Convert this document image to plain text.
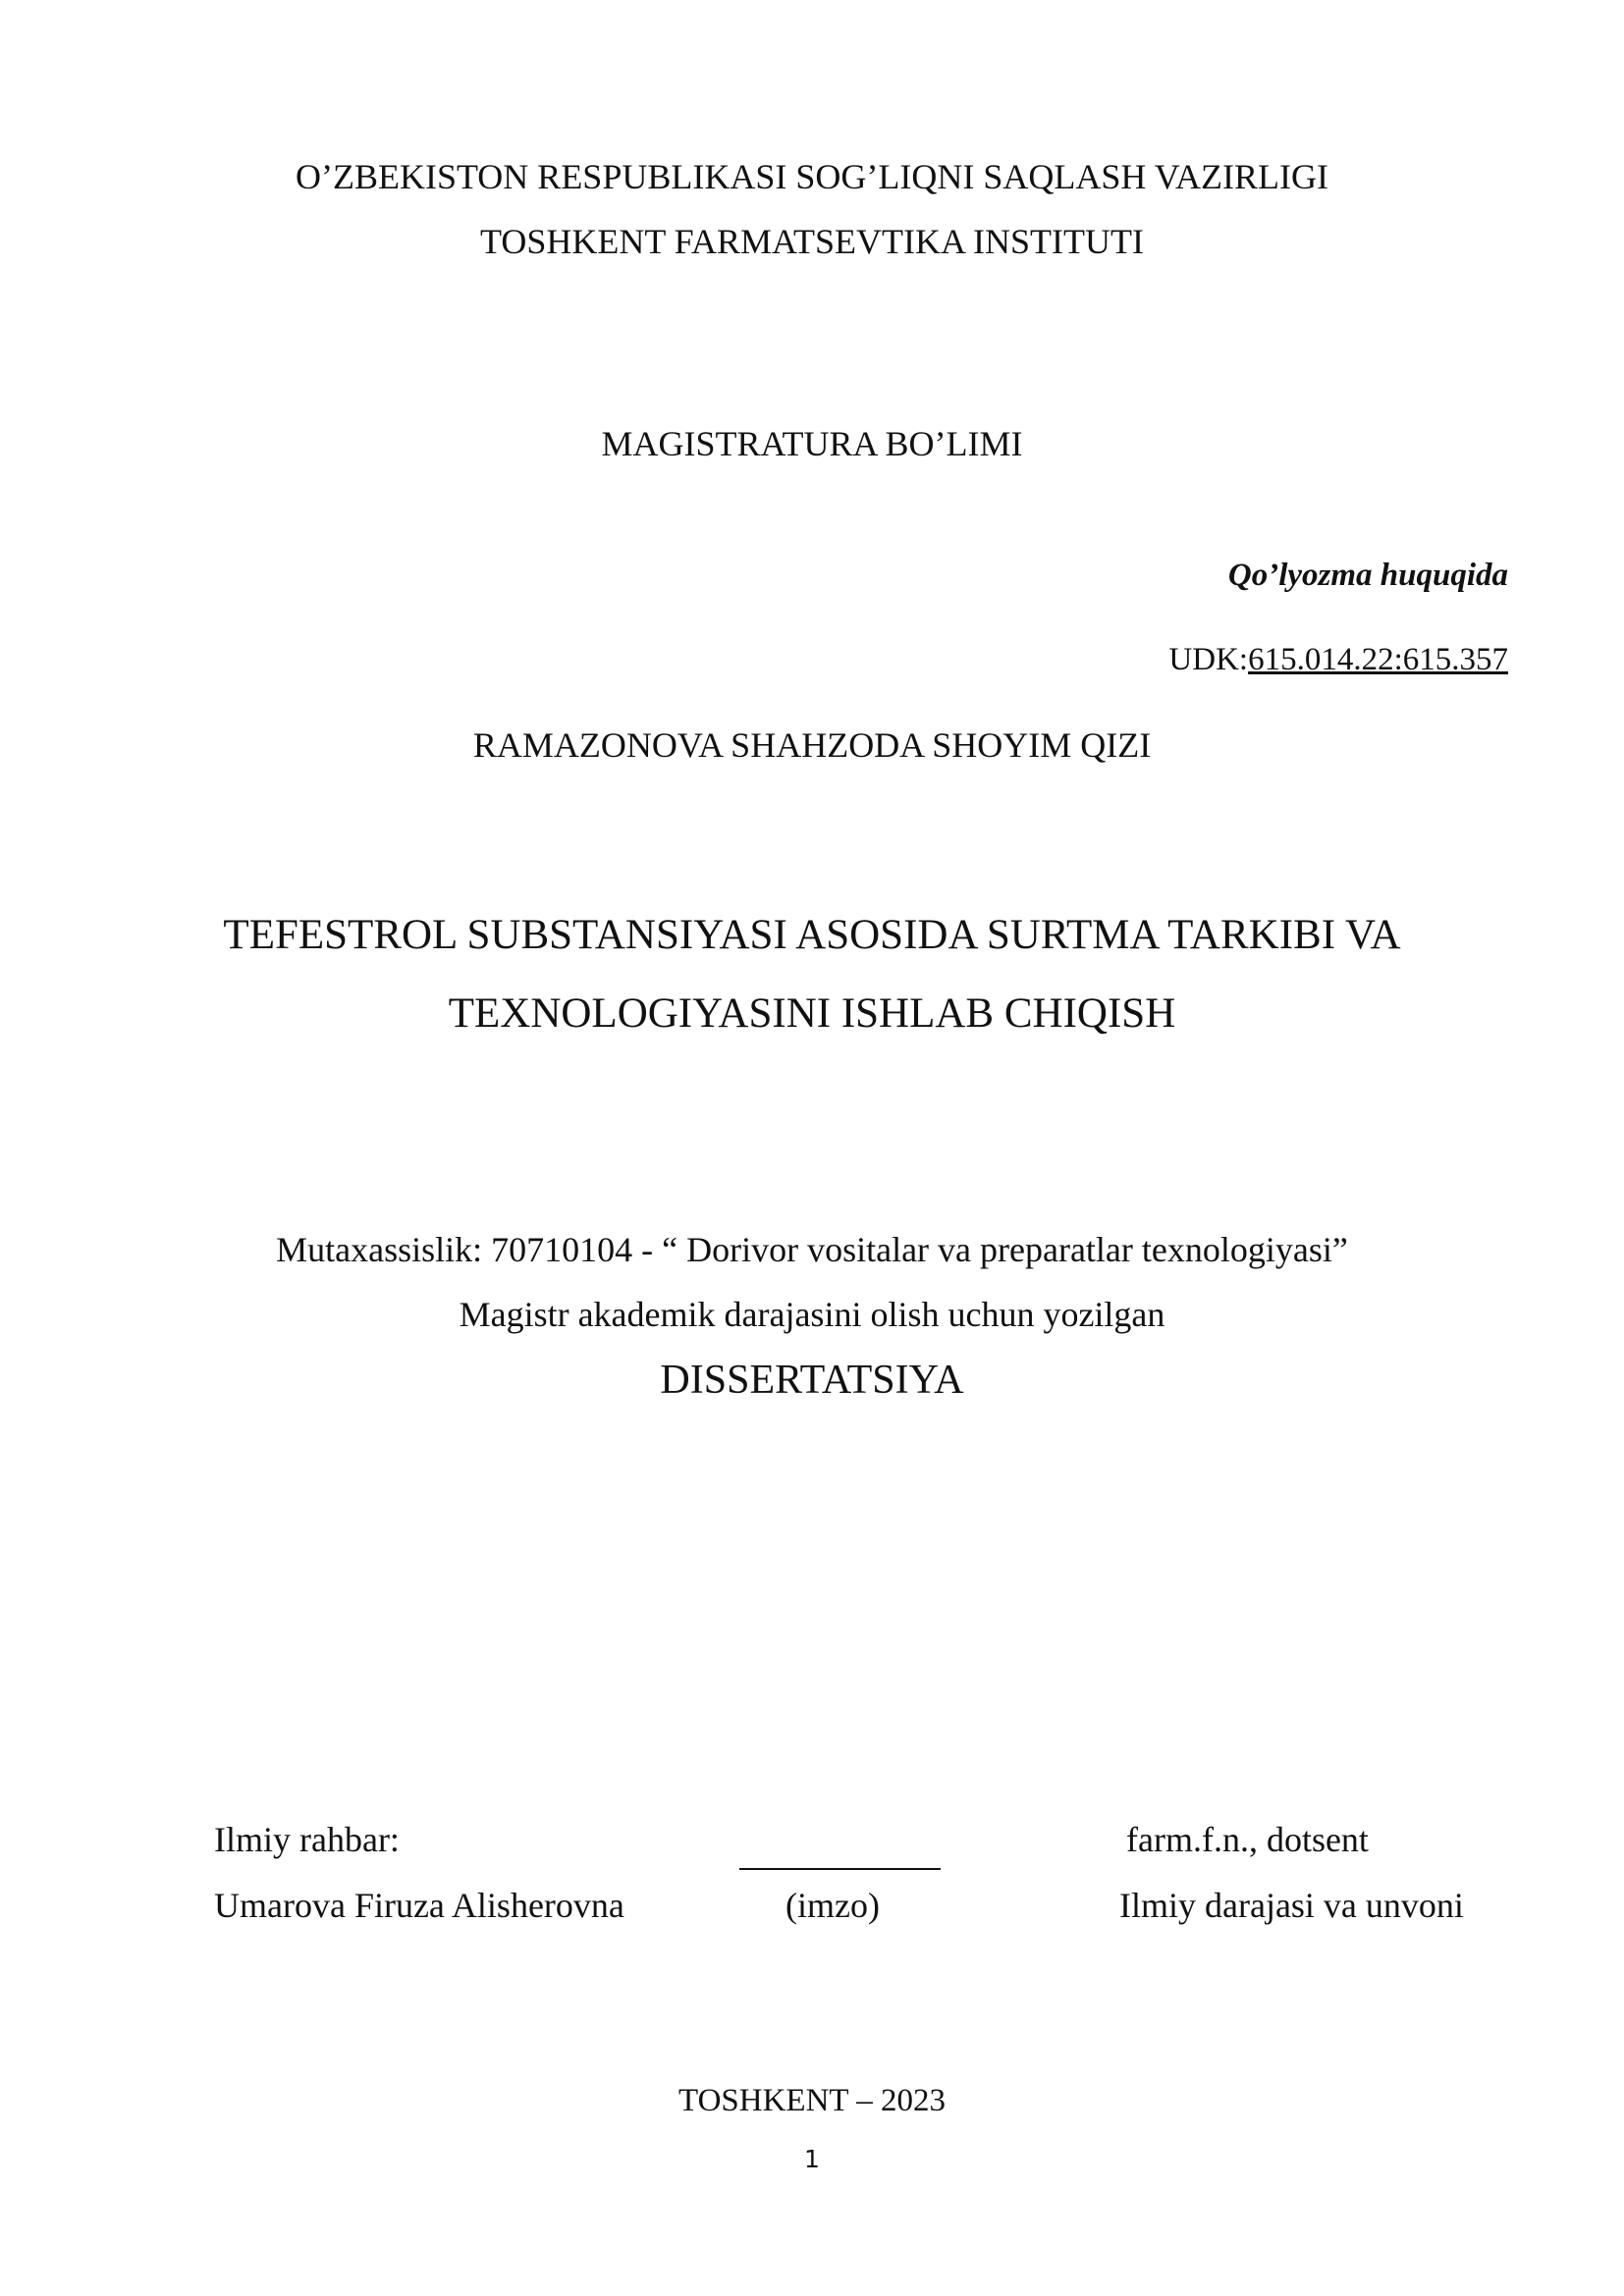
O’ZBEKISTON RESPUBLIKASI SOG’LIQNI SAQLASH VAZIRLIGI
TOSHKENT FARMATSEVTIKA INSTITUTI
MAGISTRATURA BO’LIMI
Qo’lyozma huquqida
UDK:615.014.22:615.357
RAMAZONOVA SHAHZODA SHOYIM QIZI
TEFESTROL SUBSTANSIYASI ASOSIDA SURTMA TARKIBI VA
TEXNOLOGIYASINI ISHLAB CHIQISH
Mutaxassislik: 70710104 - “ Dorivor vositalar va preparatlar texnologiyasi”
Magistr akademik darajasini olish uchun yozilgan
DISSERTATSIYA
Ilmiy rahbar:	farm.f.n., dotsent
Umarova Firuza Alisherovna	(imzo)	Ilmiy darajasi va unvoni
TOSHKENT – 2023
1
